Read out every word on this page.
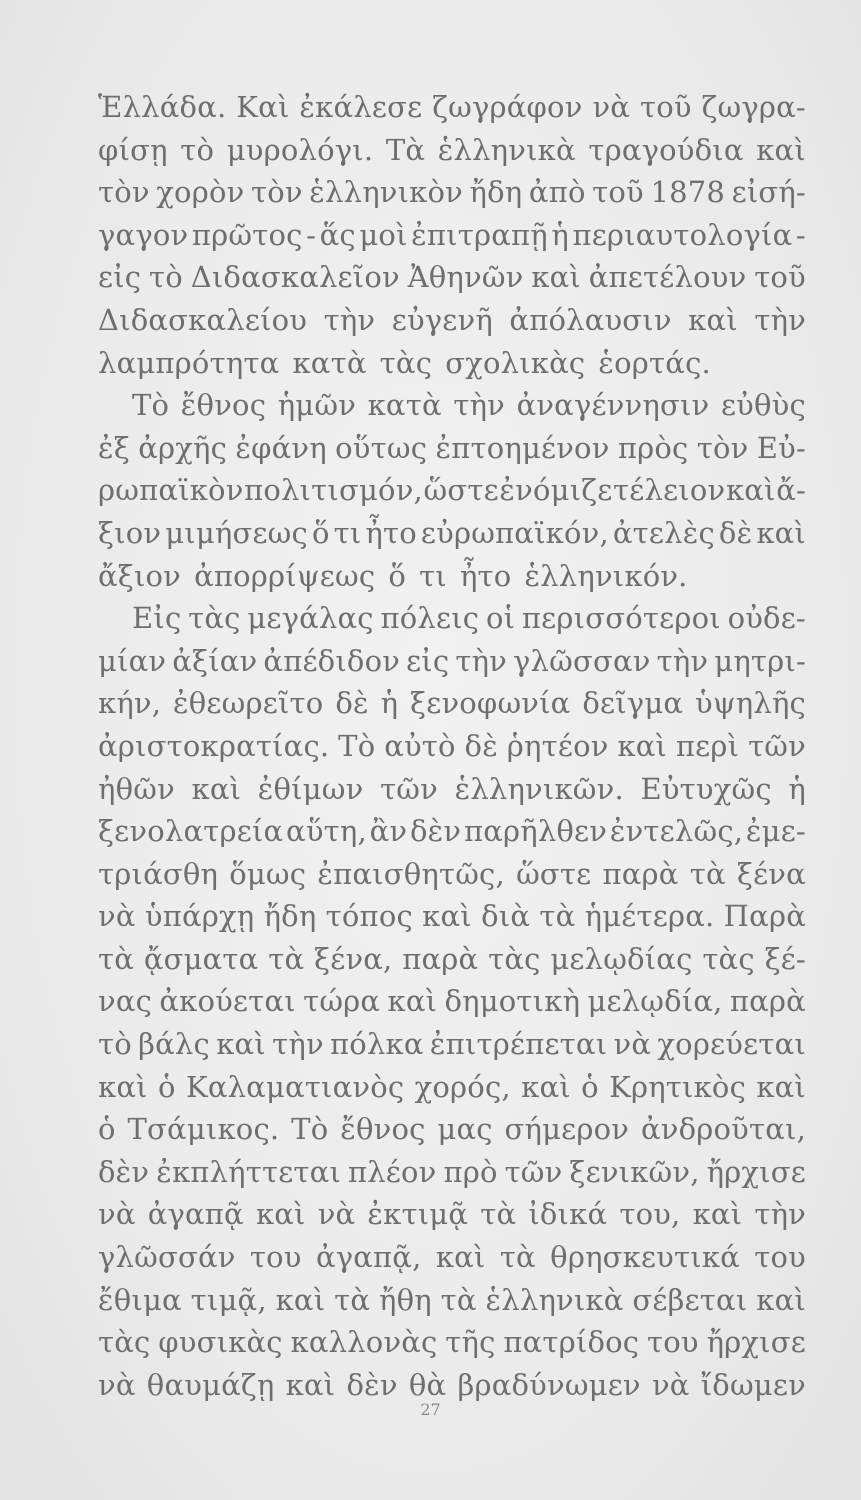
Ἑλλάδα. Καὶ ἐκάλεσε ζωγράφον νὰ τοῦ ζωγρα-
φίσῃ τὸ μυρολόγι. Τὰ ἑλληνικὰ τραγούδια καὶ
τὸν χορὸν τὸν ἑλληνικὸν ἤδη ἀπὸ τοῦ 1878 εἰσή-
γαγον πρῶτος - ἅς μοὶ ἐπιτραπῇ ἡ περιαυτολογία -
εἰς τὸ Διδασκαλεῖον Ἀθηνῶν καὶ ἀπετέλουν τοῦ
Διδασκαλείου τὴν εὐγενῆ ἀπόλαυσιν καὶ τὴν
λαμπρότητα κατὰ τὰς σχολικὰς ἑορτάς.
Τὸ ἔθνος ἡμῶν κατὰ τὴν ἀναγέννησιν εὐθὺς
ἐξ ἀρχῆς ἐφάνη οὕτως ἐπτοημένον πρὸς τὸν Εὐ-
ρωπαϊκὸν πολιτισμόν, ὥστε ἐνόμιζε τέλειον καὶ ἄ-
ξιον μιμήσεως ὅ τι ἦτο εὐρωπαϊκόν, ἀτελὲς δὲ καὶ
ἄξιον ἀπορρίψεως ὅ τι ἦτο ἑλληνικόν.
Εἰς τὰς μεγάλας πόλεις οἱ περισσότεροι οὐδε-
μίαν ἀξίαν ἀπέδιδον εἰς τὴν γλῶσσαν τὴν μητρι-
κήν, ἐθεωρεῖτο δὲ ἡ ξενοφωνία δεῖγμα ὑψηλῆς
ἀριστοκρατίας. Τὸ αὐτὸ δὲ ῥητέον καὶ περὶ τῶν
ἠθῶν καὶ ἐθίμων τῶν ἑλληνικῶν. Εὐτυχῶς ἡ
ξενολατρεία αὕτη, ἂν δὲν παρῆλθεν ἐντελῶς, ἐμε-
τριάσθη ὅμως ἐπαισθητῶς, ὥστε παρὰ τὰ ξένα
νὰ ὑπάρχῃ ἤδη τόπος καὶ διὰ τὰ ἡμέτερα. Παρὰ
τὰ ᾄσματα τὰ ξένα, παρὰ τὰς μελῳδίας τὰς ξέ-
νας ἀκούεται τώρα καὶ δημοτικὴ μελῳδία, παρὰ
τὸ βάλς καὶ τὴν πόλκα ἐπιτρέπεται νὰ χορεύεται
καὶ ὁ Καλαματιανὸς χορός, καὶ ὁ Κρητικὸς καὶ
ὁ Τσάμικος. Τὸ ἔθνος μας σήμερον ἀνδροῦται,
δὲν ἐκπλήττεται πλέον πρὸ τῶν ξενικῶν, ἤρχισε
νὰ ἀγαπᾷ καὶ νὰ ἐκτιμᾷ τὰ ἰδικά του, καὶ τὴν
γλῶσσάν του ἀγαπᾷ, καὶ τὰ θρησκευτικά του
ἔθιμα τιμᾷ, καὶ τὰ ἤθη τὰ ἑλληνικὰ σέβεται καὶ
τὰς φυσικὰς καλλονὰς τῆς πατρίδος του ἤρχισε
νὰ θαυμάζῃ καὶ δὲν θὰ βραδύνωμεν νὰ ἴδωμεν
27
